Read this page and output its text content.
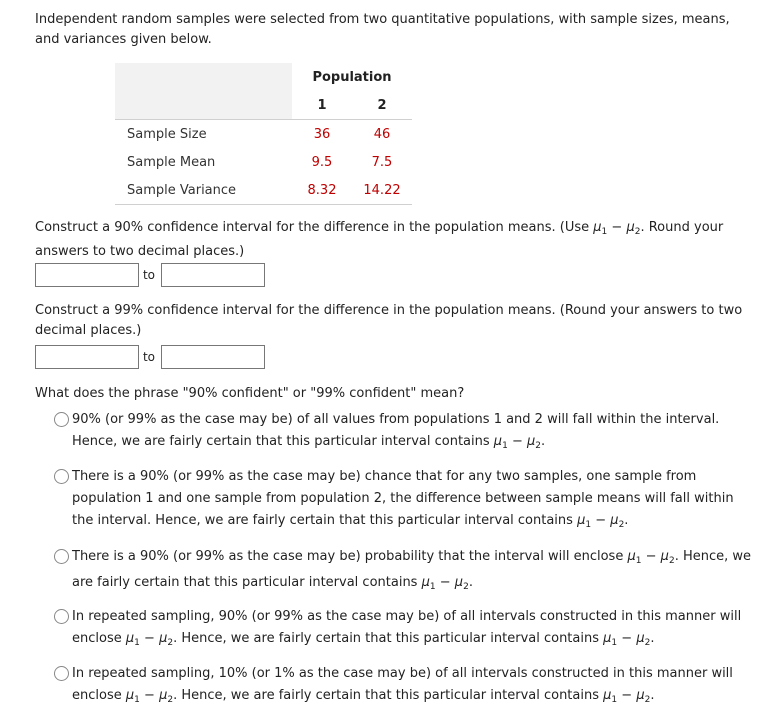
Independent random samples were selected from two quantitative populations, with sample sizes, means, and variances given below.

	Population	
	1	2
Sample Size	36	46
Sample Mean	9.5	7.5
Sample Variance	8.32	14.22

Construct a 90% confidence interval for the difference in the population means. (Use $\mu_1 - \mu_2$. Round your answers to two decimal places.)

to

Construct a 99% confidence interval for the difference in the population means. (Round your answers to two decimal places.)

to

What does the phrase "90% confident" or "99% confident" mean?

90% (or 99% as the case may be) of all values from populations 1 and 2 will fall within the interval. Hence, we are fairly certain that this particular interval contains $\mu_1 - \mu_2$.

There is a 90% (or 99% as the case may be) chance that for any two samples, one sample from population 1 and one sample from population 2, the difference between sample means will fall within the interval. Hence, we are fairly certain that this particular interval contains $\mu_1 - \mu_2$.

There is a 90% (or 99% as the case may be) probability that the interval will enclose $\mu_1 - \mu_2$. Hence, we are fairly certain that this particular interval contains $\mu_1 - \mu_2$.

In repeated sampling, 90% (or 99% as the case may be) of all intervals constructed in this manner will enclose $\mu_1 - \mu_2$. Hence, we are fairly certain that this particular interval contains $\mu_1 - \mu_2$.

In repeated sampling, 10% (or 1% as the case may be) of all intervals constructed in this manner will enclose $\mu_1 - \mu_2$. Hence, we are fairly certain that this particular interval contains $\mu_1 - \mu_2$.
